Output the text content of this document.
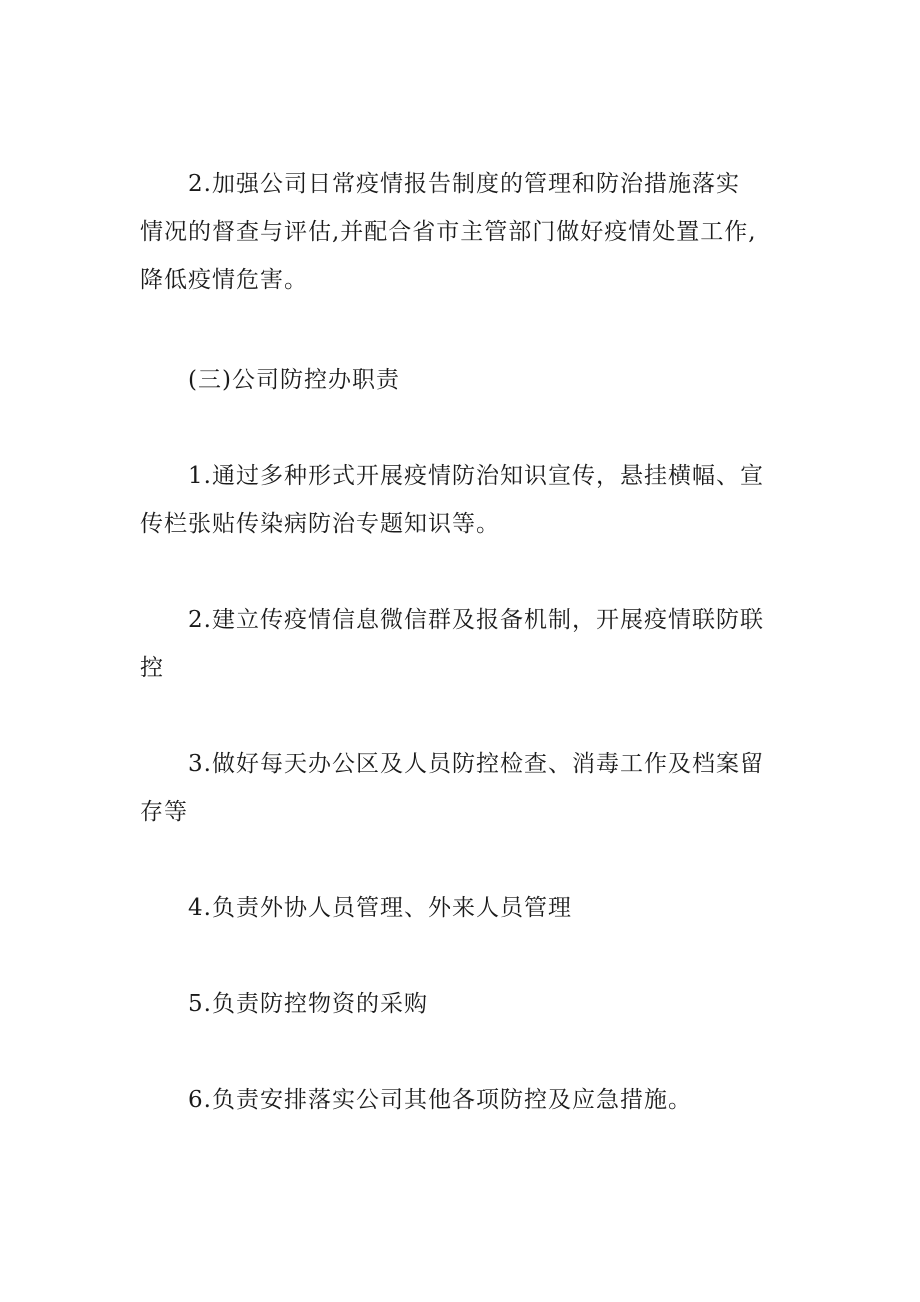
2.加强公司日常疫情报告制度的管理和防治措施落实
情况的督查与评估,并配合省市主管部门做好疫情处置工作,
降低疫情危害。
(三)公司防控办职责
1.通过多种形式开展疫情防治知识宣传，悬挂横幅、宣
传栏张贴传染病防治专题知识等。
2.建立传疫情信息微信群及报备机制，开展疫情联防联
控
3.做好每天办公区及人员防控检查、消毒工作及档案留
存等
4.负责外协人员管理、外来人员管理
5.负责防控物资的采购
6.负责安排落实公司其他各项防控及应急措施。
